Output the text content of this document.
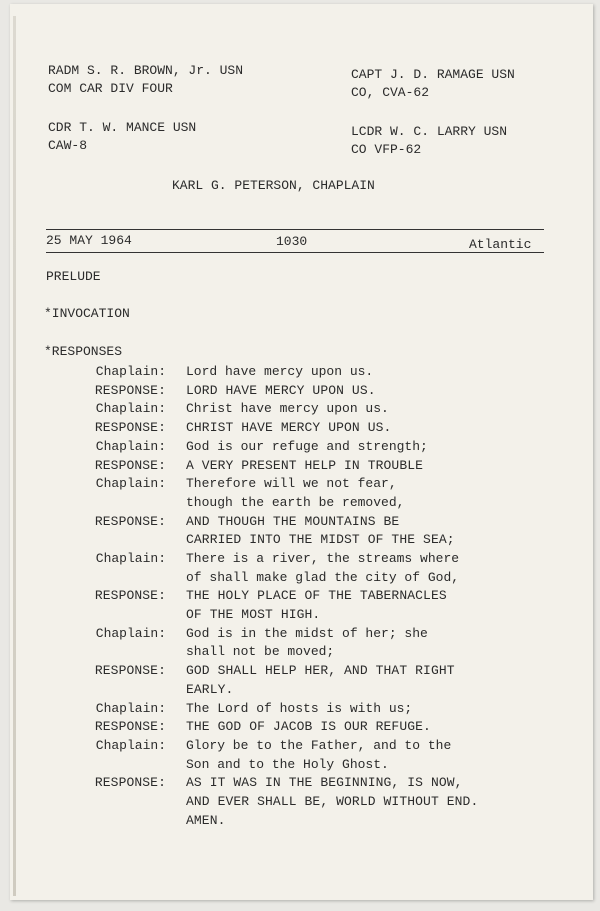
RADM S. R. BROWN, Jr. USN
COM CAR DIV FOUR
CAPT J. D. RAMAGE USN
CO, CVA-62
CDR T. W. MANCE USN
CAW-8
LCDR W. C. LARRY USN
CO VFP-62
KARL G. PETERSON, CHAPLAIN
25 MAY 1964	1030	Atlantic
PRELUDE
*INVOCATION
*RESPONSES
Chaplain: Lord have mercy upon us.
RESPONSE: LORD HAVE MERCY UPON US.
Chaplain: Christ have mercy upon us.
RESPONSE: CHRIST HAVE MERCY UPON US.
Chaplain: God is our refuge and strength;
RESPONSE: A VERY PRESENT HELP IN TROUBLE
Chaplain: Therefore will we not fear,
though the earth be removed,
RESPONSE: AND THOUGH THE MOUNTAINS BE
CARRIED INTO THE MIDST OF THE SEA;
Chaplain: There is a river, the streams where
of shall make glad the city of God,
RESPONSE: THE HOLY PLACE OF THE TABERNACLES
OF THE MOST HIGH.
Chaplain: God is in the midst of her; she
shall not be moved;
RESPONSE: GOD SHALL HELP HER, AND THAT RIGHT
EARLY.
Chaplain: The Lord of hosts is with us;
RESPONSE: THE GOD OF JACOB IS OUR REFUGE.
Chaplain: Glory be to the Father, and to the
Son and to the Holy Ghost.
RESPONSE: AS IT WAS IN THE BEGINNING, IS NOW,
AND EVER SHALL BE, WORLD WITHOUT END.
AMEN.
